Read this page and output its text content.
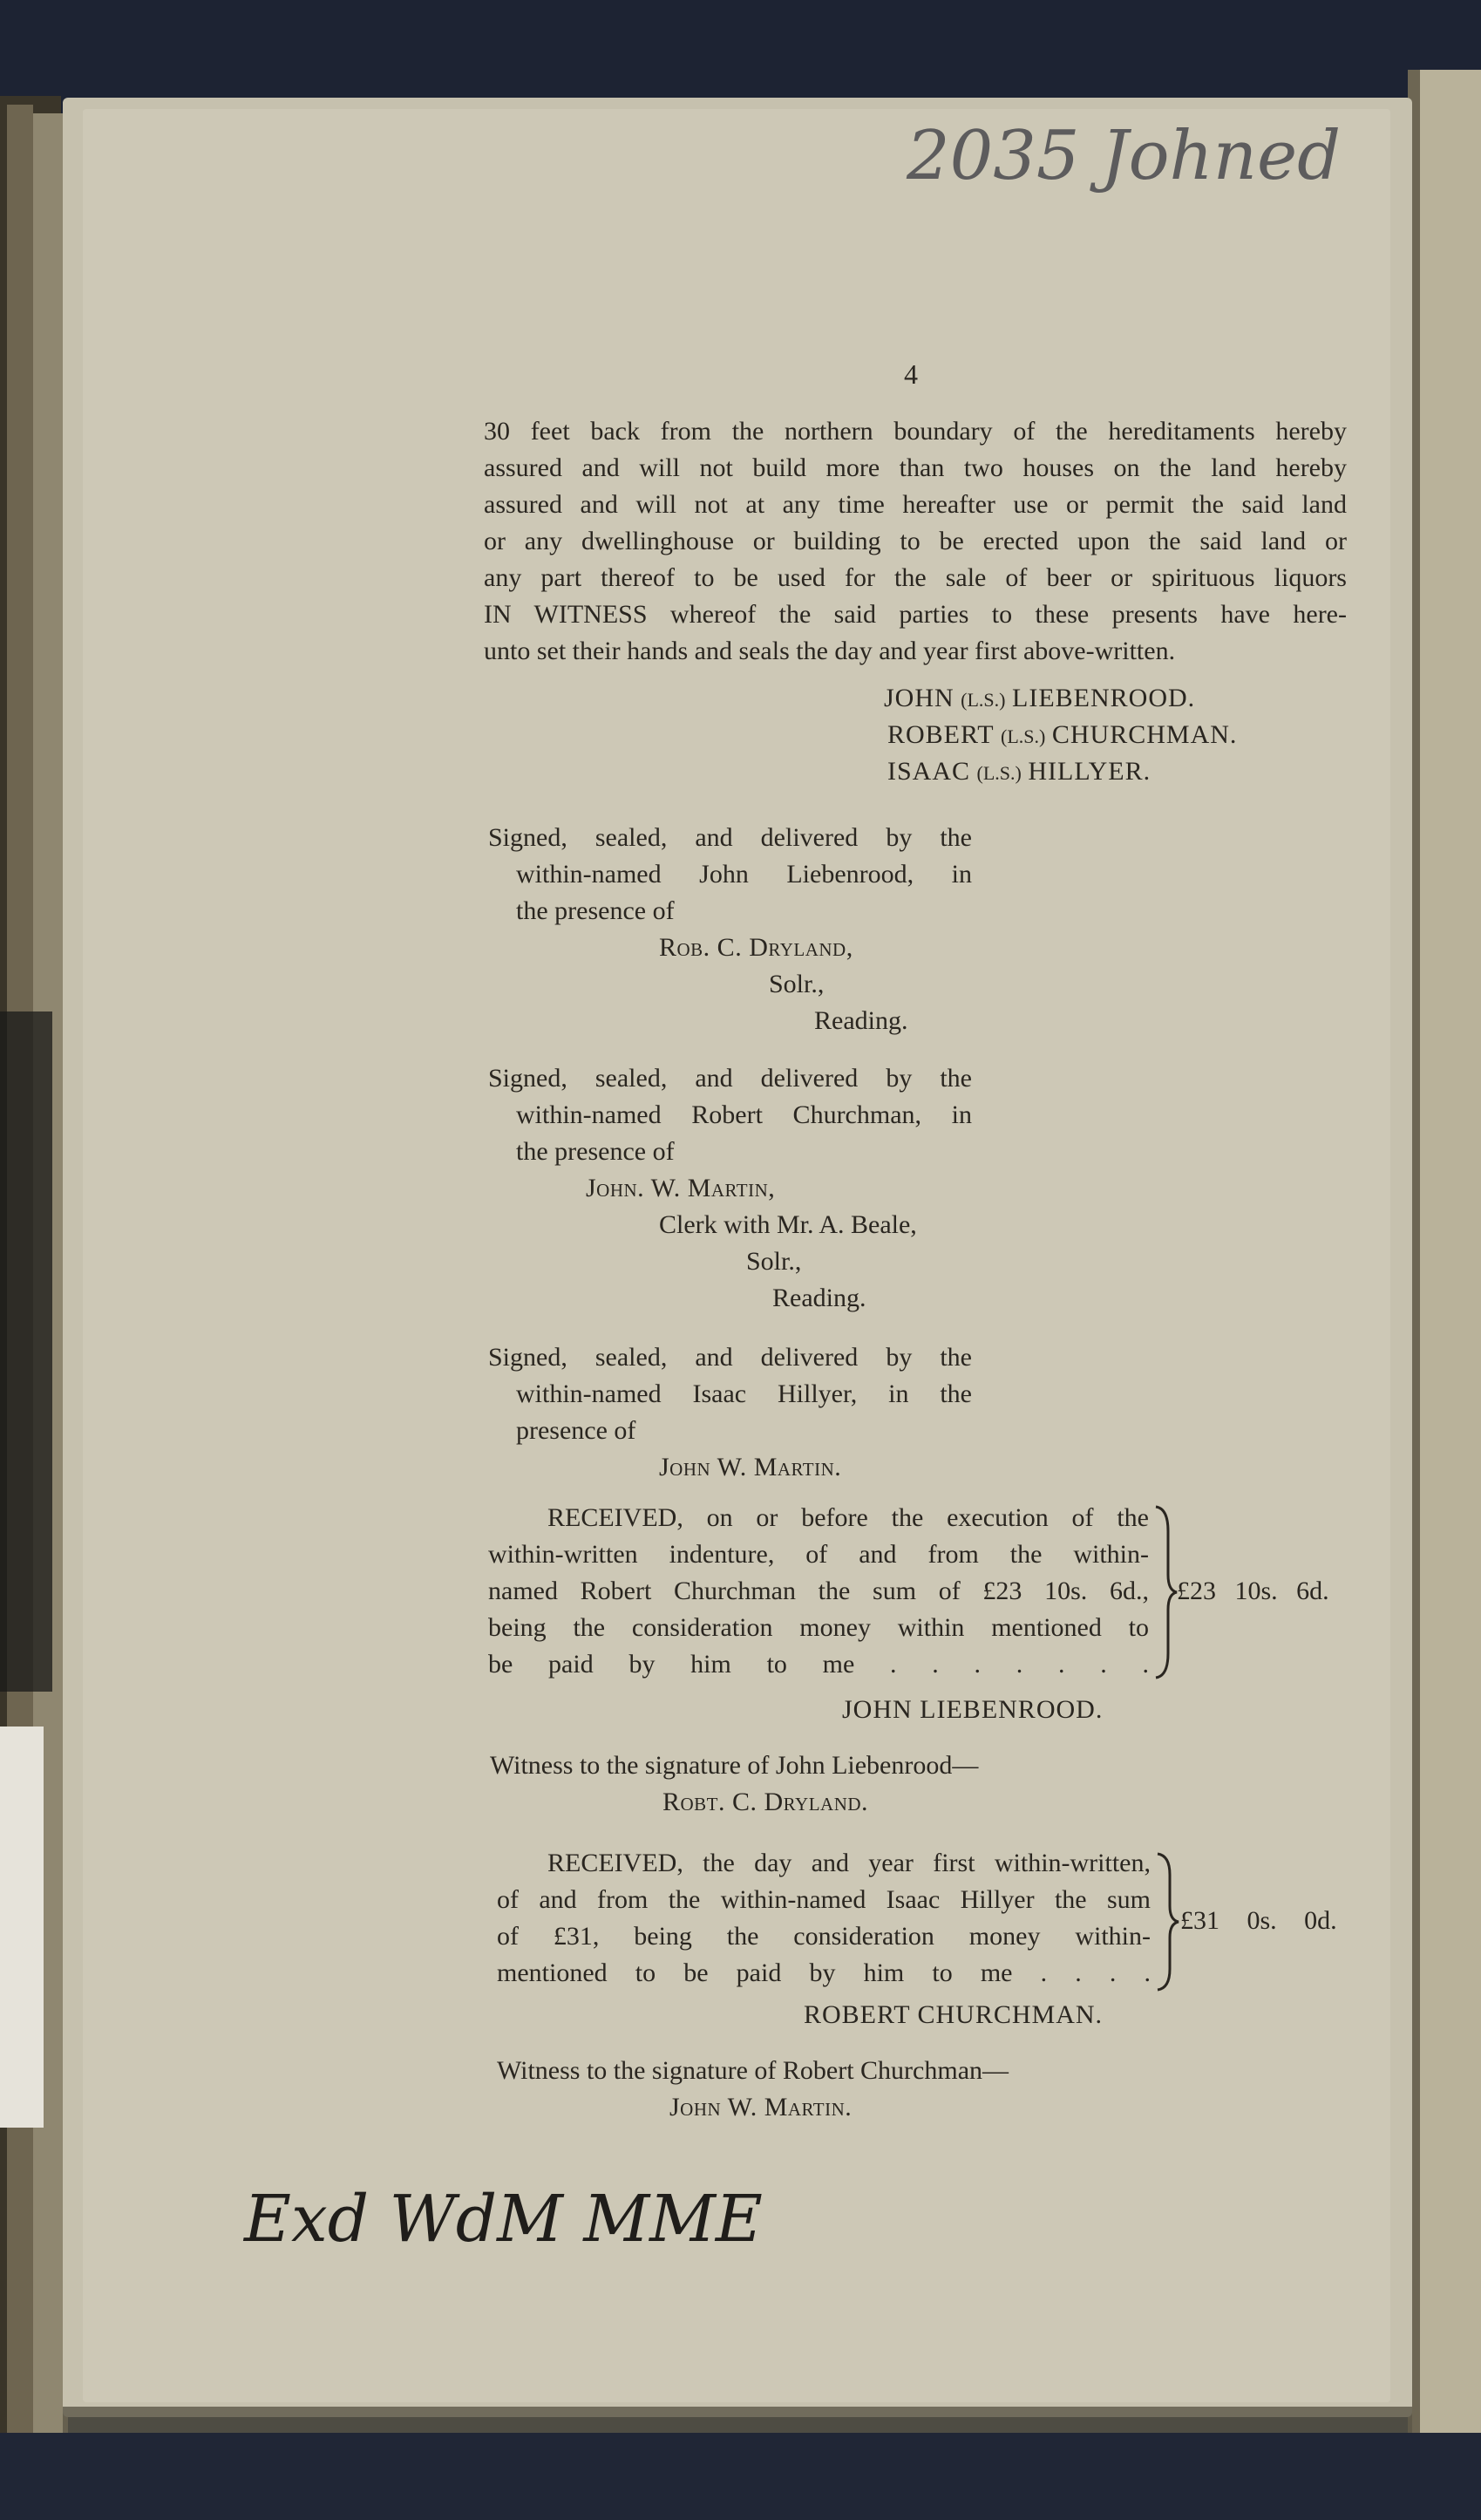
2035 Johned
4
30 feet back from the northern boundary of the hereditaments hereby
assured and will not build more than two houses on the land hereby
assured and will not at any time hereafter use or permit the said land
or any dwellinghouse or building to be erected upon the said land or
any part thereof to be used for the sale of beer or spirituous liquors
IN WITNESS whereof the said parties to these presents have here-
unto set their hands and seals the day and year first above-written.
JOHN (L.S.) LIEBENROOD.
ROBERT (L.S.) CHURCHMAN.
ISAAC (L.S.) HILLYER.
Signed, sealed, and delivered by the
within-named John Liebenrood, in
the presence of
Rob. C. Dryland,
Solr.,
Reading.
Signed, sealed, and delivered by the
within-named Robert Churchman, in
the presence of
John. W. Martin,
Clerk with Mr. A. Beale,
Solr.,
Reading.
Signed, sealed, and delivered by the
within-named Isaac Hillyer, in the
presence of
John W. Martin.
RECEIVED, on or before the execution of the
within-written indenture, of and from the within-
named Robert Churchman the sum of £23 10s. 6d.,
being the consideration money within mentioned to
be paid by him to me . . . . . . .
£23 10s. 6d.
JOHN LIEBENROOD.
Witness to the signature of John Liebenrood—
Robt. C. Dryland.
RECEIVED, the day and year first within-written,
of and from the within-named Isaac Hillyer the sum
of £31, being the consideration money within-
mentioned to be paid by him to me . . . .
£31 0s. 0d.
ROBERT CHURCHMAN.
Witness to the signature of Robert Churchman—
John W. Martin.
Exd WdM MME
